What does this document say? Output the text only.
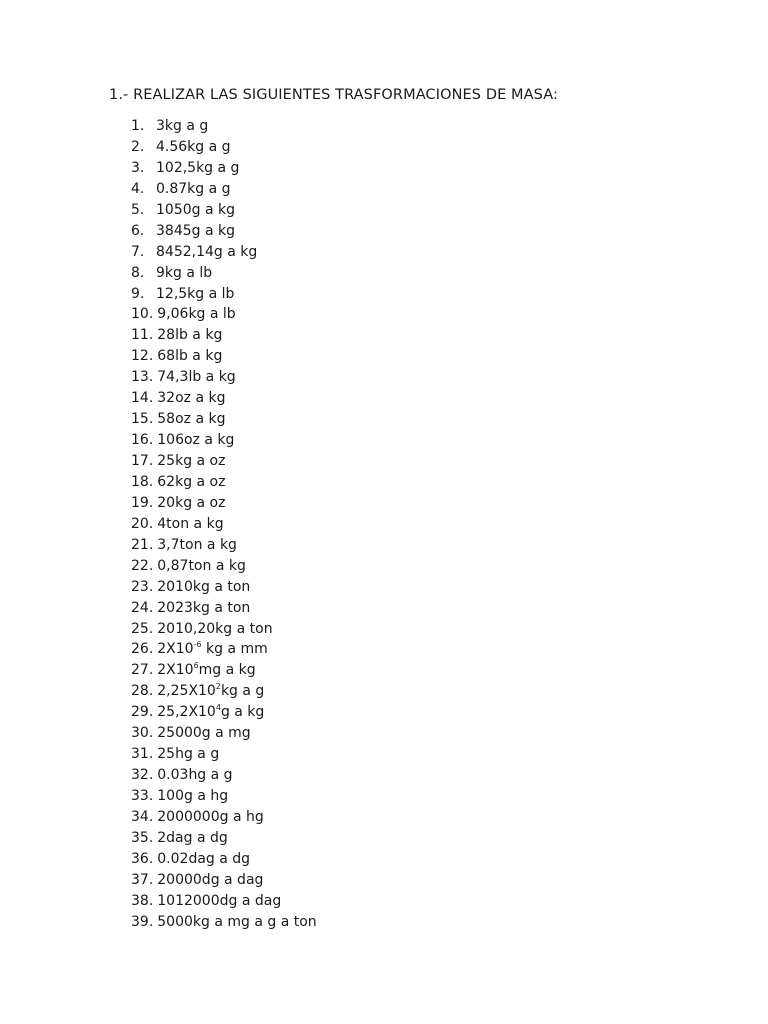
1.- REALIZAR LAS SIGUIENTES TRASFORMACIONES DE MASA:
1. 3kg a g
2. 4.56kg a g
3. 102,5kg a g
4. 0.87kg a g
5. 1050g a kg
6. 3845g a kg
7. 8452,14g a kg
8. 9kg a lb
9. 12,5kg a lb
10. 9,06kg a lb
11. 28lb a kg
12. 68lb a kg
13. 74,3lb a kg
14. 32oz a kg
15. 58oz a kg
16. 106oz a kg
17. 25kg a oz
18. 62kg a oz
19. 20kg a oz
20. 4ton a kg
21. 3,7ton a kg
22. 0,87ton a kg
23. 2010kg a ton
24. 2023kg a ton
25. 2010,20kg a ton
26. $2X10^{-6}$ kg a mm
27. $2X10^6mg$ a kg
28. $2,25X10^2kg$ a g
29. $25,2X10^4g$ a kg
30. 25000g a mg
31. 25hg a g
32. 0.03hg a g
33. 100g a hg
34. 2000000g a hg
35. 2dag a dg
36. 0.02dag a dg
37. 20000dg a dag
38. 1012000dg a dag
39. 5000kg a mg a g a ton
